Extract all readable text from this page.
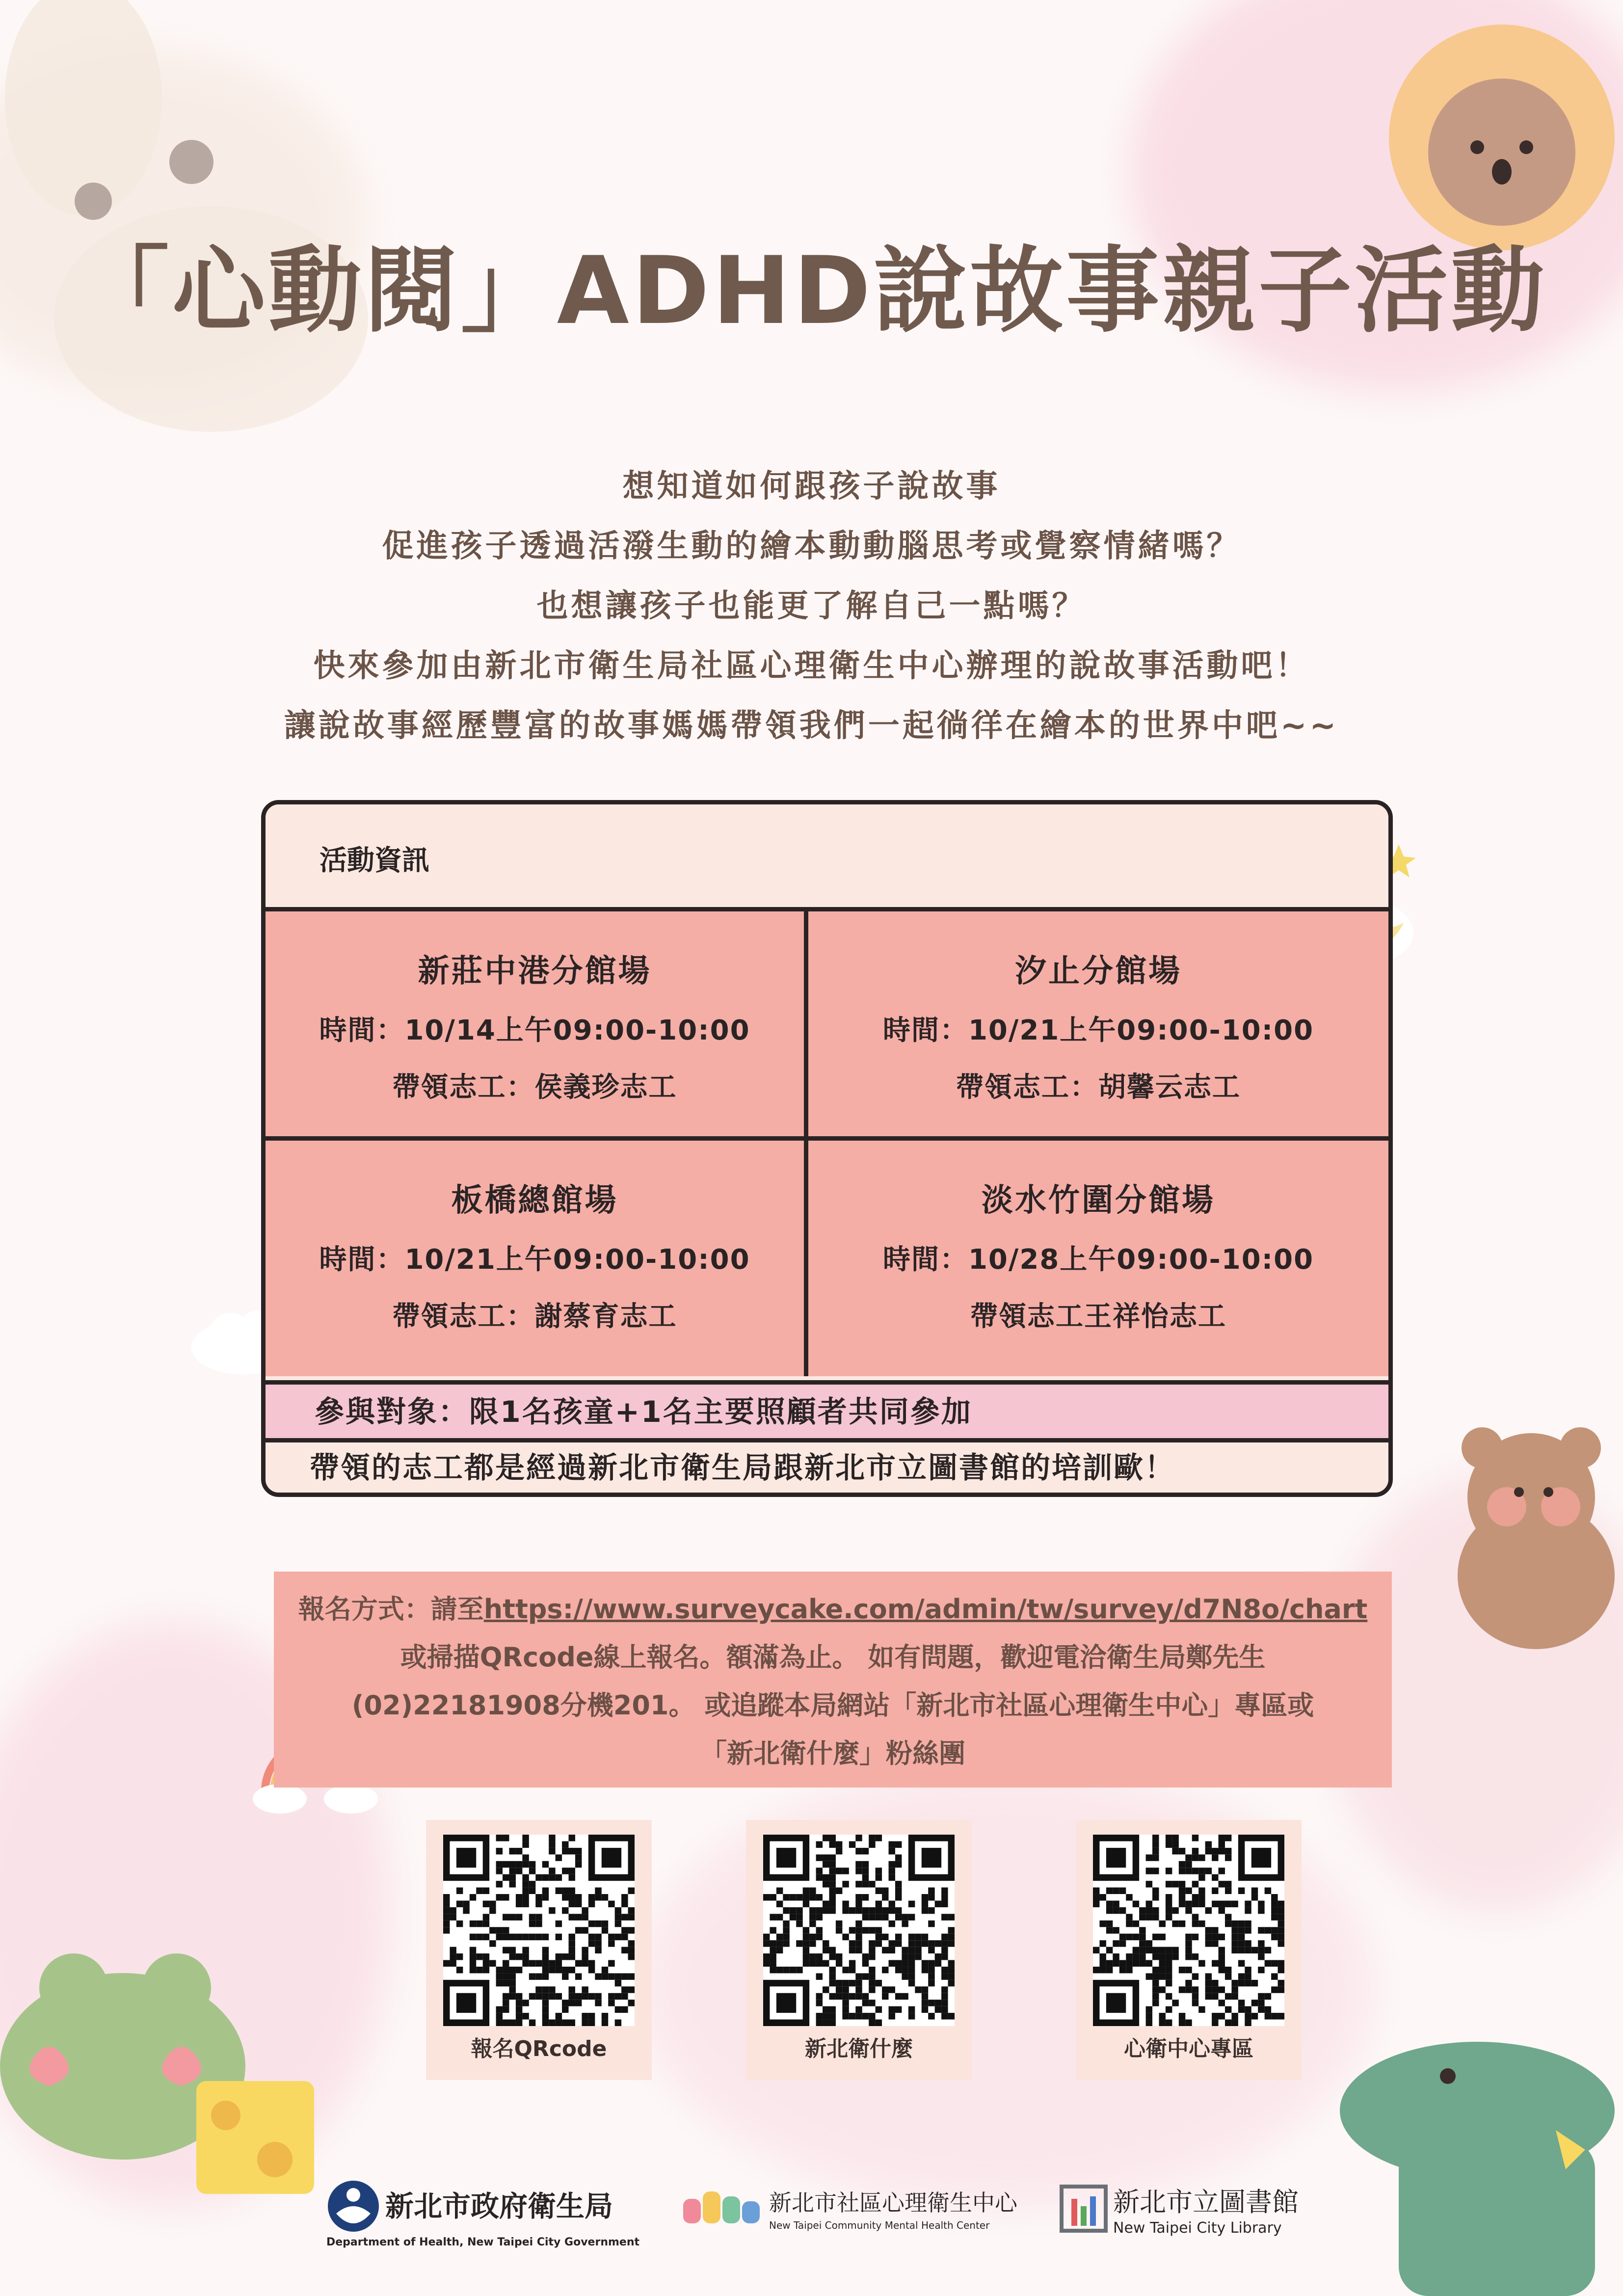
「心動閱」ADHD說故事親子活動
想知道如何跟孩子說故事
促進孩子透過活潑生動的繪本動動腦思考或覺察情緒嗎？
也想讓孩子也能更了解自己一點嗎？
快來參加由新北市衛生局社區心理衛生中心辦理的說故事活動吧！
讓說故事經歷豐富的故事媽媽帶領我們一起徜徉在繪本的世界中吧~~
活動資訊
新莊中港分館場
時間：10/14上午09:00-10:00
帶領志工：侯義珍志工
汐止分館場
時間：10/21上午09:00-10:00
帶領志工：胡馨云志工
板橋總館場
時間：10/21上午09:00-10:00
帶領志工：謝蔡育志工
淡水竹圍分館場
時間：10/28上午09:00-10:00
帶領志工王祥怡志工
參與對象：限1名孩童+1名主要照顧者共同參加
帶領的志工都是經過新北市衛生局跟新北市立圖書館的培訓歐！
報名方式：請至https://www.surveycake.com/admin/tw/survey/d7N8o/chart
或掃描QRcode線上報名。額滿為止。 如有問題，歡迎電洽衛生局鄭先生
(02)22181908分機201。 或追蹤本局網站「新北市社區心理衛生中心」專區或
「新北衛什麼」粉絲團
報名QRcode	新北衛什麼	心衛中心專區
新北市政府衛生局
Department of Health, New Taipei City Government
新北市社區心理衛生中心
New Taipei Community Mental Health Center
新北市立圖書館
New Taipei City Library
